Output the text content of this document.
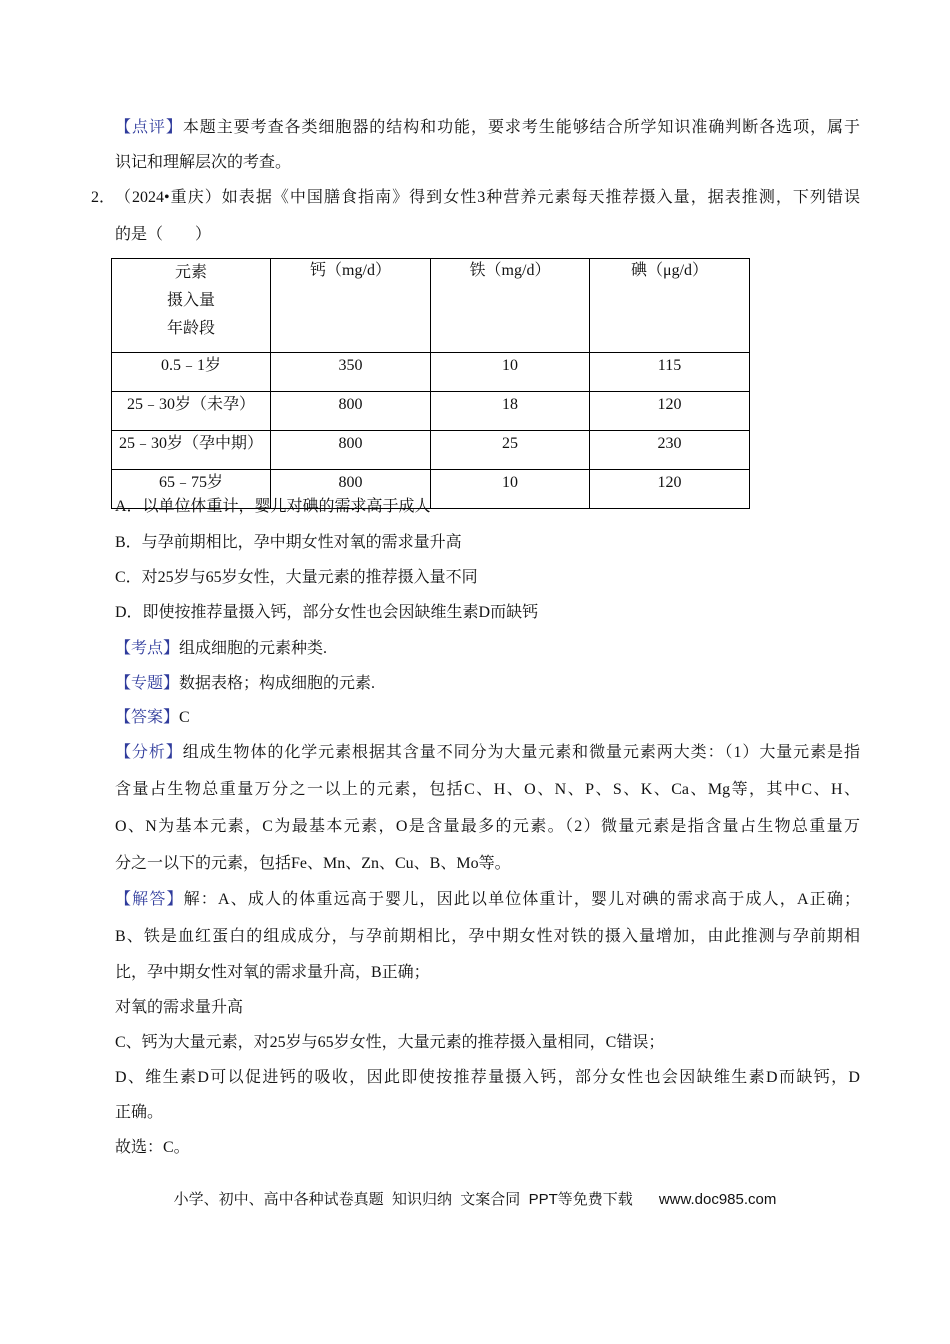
【点评】本题主要考查各类细胞器的结构和功能，要求考生能够结合所学知识准确判断各选项，属于
识记和理解层次的考查。
2． （2024•重庆）如表据《中国膳食指南》得到女性3种营养元素每天推荐摄入量，据表推测，下列错误
的是（　　）
元素
摄入量
年龄段	钙（mg/d）	铁（mg/d）	碘（μg/d）
0.5﹣1岁	350	10	115
25﹣30岁（未孕）	800	18	120
25﹣30岁（孕中期）	800	25	230
65﹣75岁	800	10	120
A．以单位体重计，婴儿对碘的需求高于成人
B．与孕前期相比，孕中期女性对氧的需求量升高
C．对25岁与65岁女性，大量元素的推荐摄入量不同
D．即使按推荐量摄入钙，部分女性也会因缺维生素D而缺钙
【考点】组成细胞的元素种类.
【专题】数据表格；构成细胞的元素.
【答案】C
【分析】组成生物体的化学元素根据其含量不同分为大量元素和微量元素两大类：（1）大量元素是指
含量占生物总重量万分之一以上的元素，包括C、H、O、N、P、S、K、Ca、Mg等，其中C、H、
O、N为基本元素，C为最基本元素，O是含量最多的元素。（2）微量元素是指含量占生物总重量万
分之一以下的元素，包括Fe、Mn、Zn、Cu、B、Mo等。
【解答】解：A、成人的体重远高于婴儿，因此以单位体重计，婴儿对碘的需求高于成人，A正确；
B、铁是血红蛋白的组成成分，与孕前期相比，孕中期女性对铁的摄入量增加，由此推测与孕前期相
比，孕中期女性对氧的需求量升高，B正确；
对氧的需求量升高
C、钙为大量元素，对25岁与65岁女性，大量元素的推荐摄入量相同，C错误；
D、维生素D可以促进钙的吸收，因此即使按推荐量摄入钙，部分女性也会因缺维生素D而缺钙，D
正确。
故选：C。
小学、初中、高中各种试卷真题  知识归纳  文案合同  PPT等免费下载 www.doc985.com
